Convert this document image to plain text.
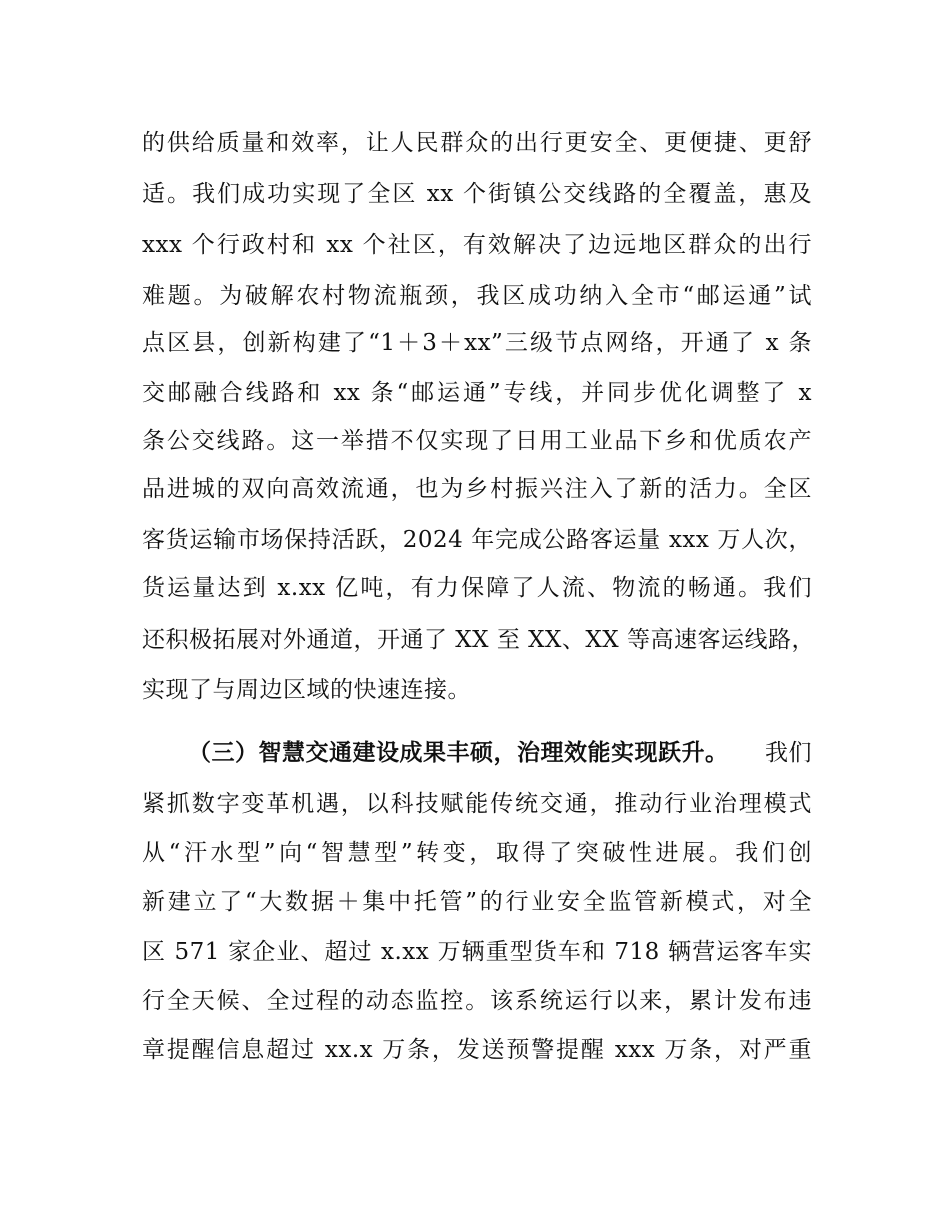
的供给质量和效率，让人民群众的出行更安全、更便捷、更舒
适。我们成功实现了全区 xx 个街镇公交线路的全覆盖，惠及
xxx 个行政村和 xx 个社区，有效解决了边远地区群众的出行
难题。为破解农村物流瓶颈，我区成功纳入全市“邮运通”试
点区县，创新构建了“1＋3＋xx”三级节点网络，开通了 x 条
交邮融合线路和 xx 条“邮运通”专线，并同步优化调整了 x
条公交线路。这一举措不仅实现了日用工业品下乡和优质农产
品进城的双向高效流通，也为乡村振兴注入了新的活力。全区
客货运输市场保持活跃，2024 年完成公路客运量 xxx 万人次，
货运量达到 x.xx 亿吨，有力保障了人流、物流的畅通。我们
还积极拓展对外通道，开通了 XX 至 XX、XX 等高速客运线路，
实现了与周边区域的快速连接。
（三）智慧交通建设成果丰硕，治理效能实现跃升。 我们
紧抓数字变革机遇，以科技赋能传统交通，推动行业治理模式
从“汗水型”向“智慧型”转变，取得了突破性进展。我们创
新建立了“大数据＋集中托管”的行业安全监管新模式，对全
区 571 家企业、超过 x.xx 万辆重型货车和 718 辆营运客车实
行全天候、全过程的动态监控。该系统运行以来，累计发布违
章提醒信息超过 xx.x 万条，发送预警提醒 xxx 万条，对严重
